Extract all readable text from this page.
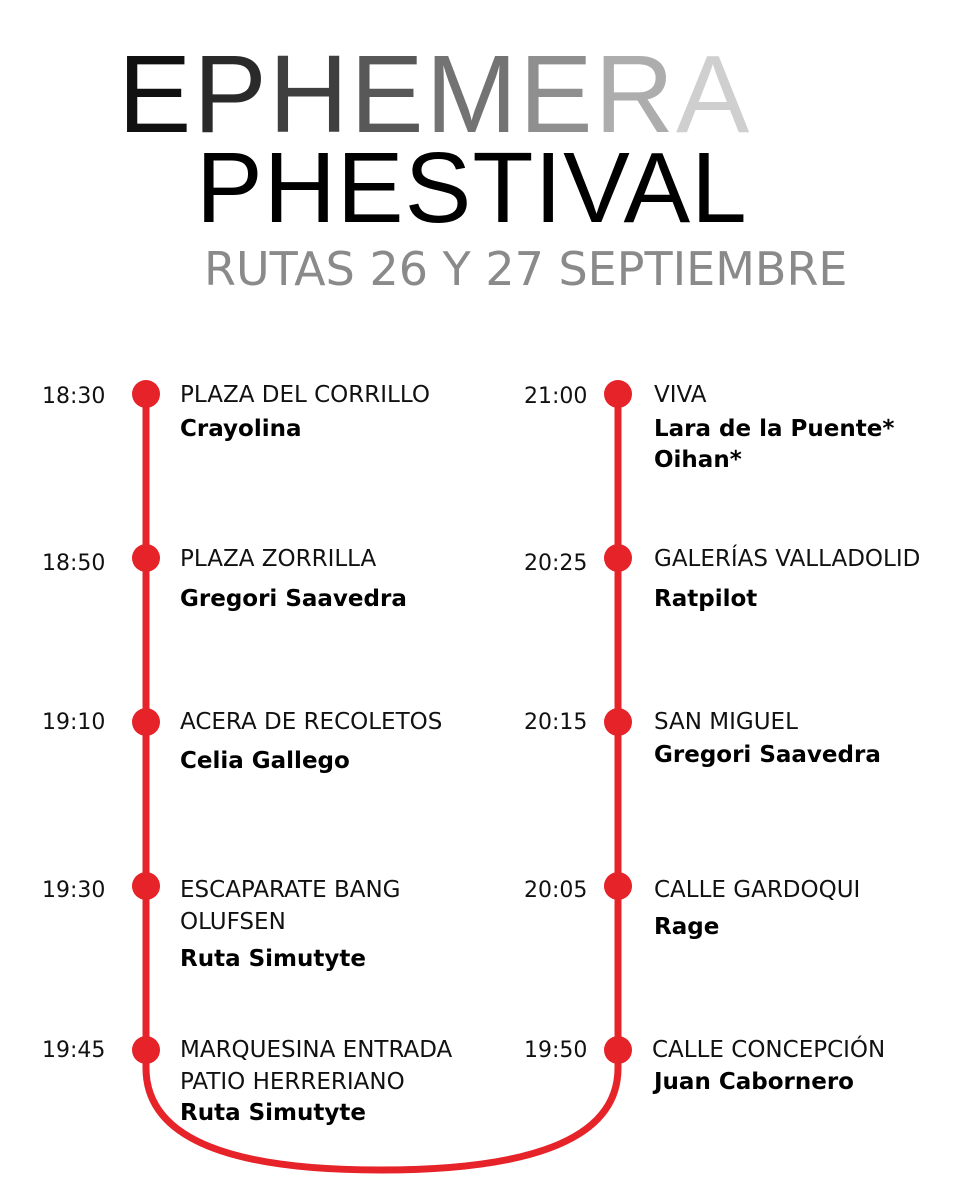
EPHEMERA
PHESTIVAL
RUTAS 26 Y 27 SEPTIEMBRE
18:30	PLAZA DEL CORRILLO
Crayolina
18:50	PLAZA ZORRILLA
Gregori Saavedra
19:10	ACERA DE RECOLETOS
Celia Gallego
19:30	ESCAPARATE BANG
OLUFSEN
Ruta Simutyte
19:45	MARQUESINA ENTRADA
PATIO HERRERIANO
Ruta Simutyte
21:00	VIVA
Lara de la Puente*
Oihan*
20:25	GALERÍAS VALLADOLID
Ratpilot
20:15	SAN MIGUEL
Gregori Saavedra
20:05	CALLE GARDOQUI
Rage
19:50	CALLE CONCEPCIÓN
Juan Cabornero
